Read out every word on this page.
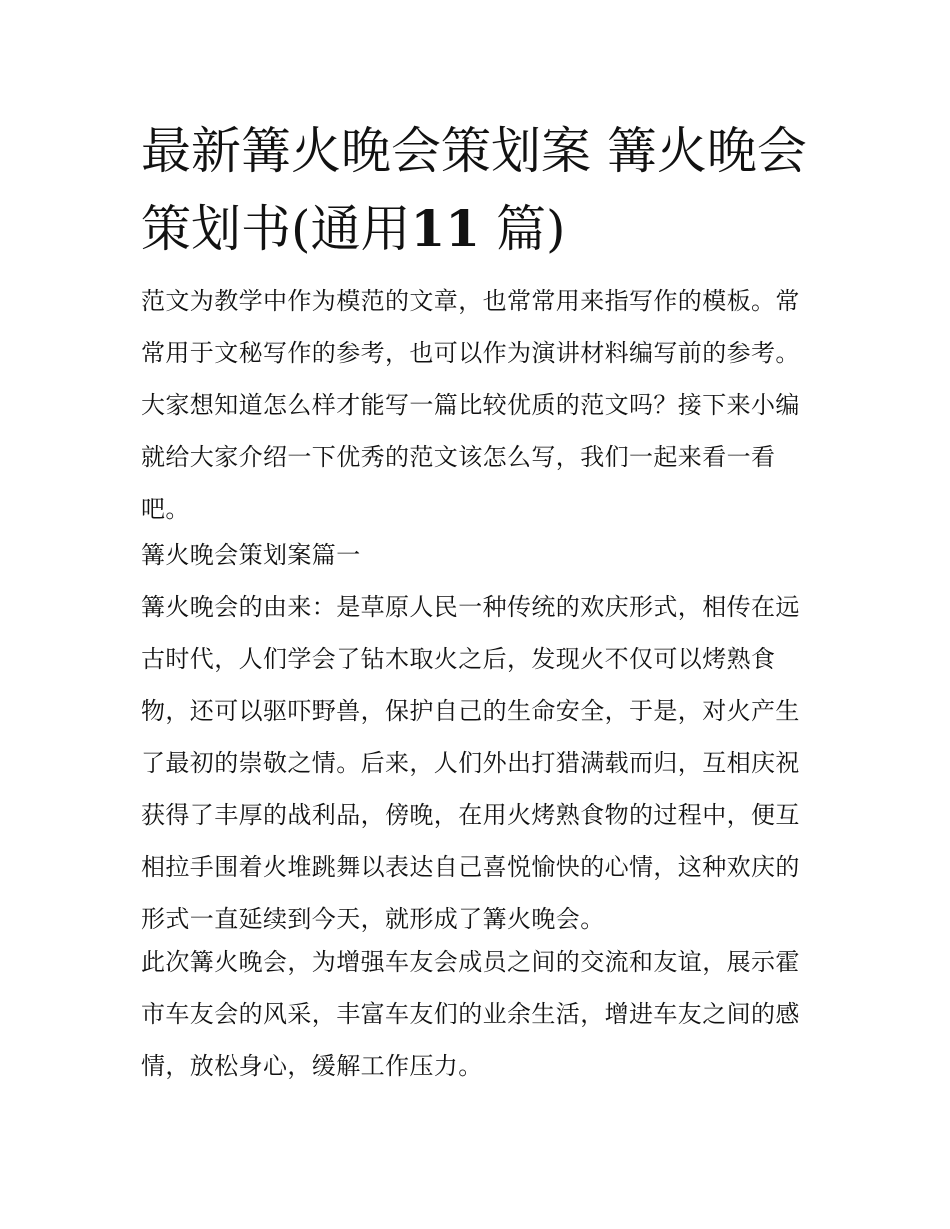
最新篝火晚会策划案 篝火晚会策划书(通用11 篇)

范文为教学中作为模范的文章，也常常用来指写作的模板。常常用于文秘写作的参考，也可以作为演讲材料编写前的参考。大家想知道怎么样才能写一篇比较优质的范文吗？接下来小编就给大家介绍一下优秀的范文该怎么写，我们一起来看一看吧。

篝火晚会策划案篇一

篝火晚会的由来：是草原人民一种传统的欢庆形式，相传在远古时代，人们学会了钻木取火之后，发现火不仅可以烤熟食物，还可以驱吓野兽，保护自己的生命安全，于是，对火产生了最初的崇敬之情。后来，人们外出打猎满载而归，互相庆祝获得了丰厚的战利品，傍晚，在用火烤熟食物的过程中，便互相拉手围着火堆跳舞以表达自己喜悦愉快的心情，这种欢庆的形式一直延续到今天，就形成了篝火晚会。

此次篝火晚会，为增强车友会成员之间的交流和友谊，展示霍市车友会的风采，丰富车友们的业余生活，增进车友之间的感情，放松身心，缓解工作压力。
